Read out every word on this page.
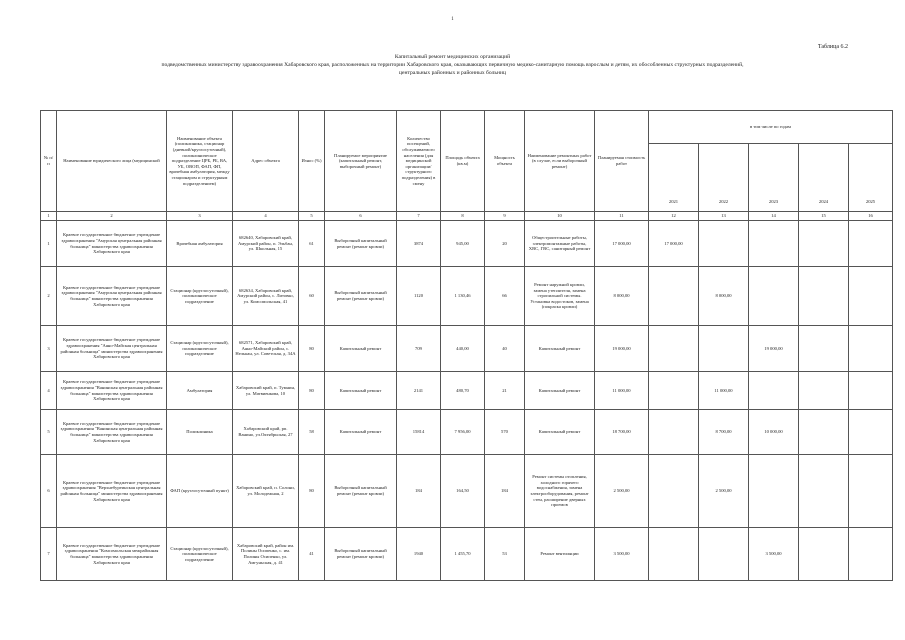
1
Таблица 6.2
Капитальный ремонт медицинских организаций
подведомственных министерству здравоохранения Хабаровского края, расположенных на территории Хабаровского края, оказывающих первичную медико-санитарную помощь взрослым и детям, их обособленных структурных подразделений,
центральных районных и районных больниц
№ п/п	Наименование юридического лица (медицинской	Наименование объекта (поликлиника, стационар (дневной/круглосуточный), поликлиническое подразделение ЦРБ, РБ, ВА, УБ, ОВОП, ФАП, ФП, врачебная амбулатория, между стационаром и структурным подразделением)	Адрес объекта	Износ (%)	Планируемое мероприятие (капитальный ремонт, выборочный ремонт)	Количество посещений, обслуживаемого населения (для медицинской организации/ структурного подразделения) в смену	Площадь объекта (кв.м)	Мощность объекта	Наименование ремонтных работ (в случае, если выборочный ремонт)	Планируемая стоимость работ	в том числе по годам				
											2021	2022	2023	2024	2025
1	2	3	4	5	6	7	8	9	10	11	12	13	14	15	16
1	Краевое государственное бюджетное учреждение здравоохранения "Амурская центральная районная больница" министерства здравоохранения Хабаровского края	Врачебная амбулатория	682640, Хабаровский край, Амурский район, п. Эльбан, ул. Школьная, 15	61	Выборочный капитальный ремонт (ремонт кровли)	3874	945,00	20	Общестроительные работы, электромонтажные работы, ХВС, ГВС, санитарный ремонт	17 000,00	17 000,00				
2	Краевое государственное бюджетное учреждение здравоохранения "Амурская центральная районная больница" министерства здравоохранения Хабаровского края	Стационар (круглосуточный), поликлиническое подразделение	682634, Хабаровский край, Амурский район, с. Литовко, ул. Комсомольская, 41	60	Выборочный капитальный ремонт (ремонт кровли)	1120	1 130,46	66	Ремонт наружной кровли, замена утеплителя, замена стропильной системы. Установка водостоков, замена (покраска кровли)	8 000,00		8 000,00			
3	Краевое государственное бюджетное учреждение здравоохранения "Аяно-Майская центральная районная больница" министерства здравоохранения Хабаровского края	Стационар (круглосуточный), поликлиническое подразделение	682571, Хабаровский край, Аяно-Майский район, с. Нелькан, ул. Советская, д. 34А	80	Капитальный ремонт	709	440,00	40	Капитальный ремонт	19 000,00			19 000,00		
4	Краевое государственное бюджетное учреждение здравоохранения "Ванинская центральная районная больница" министерства здравоохранения Хабаровского края	Амбулатория	Хабаровский край, п. Тумнин, ул. Матвиенкова, 10	80	Капитальный ремонт	2141	480,70	21	Капитальный ремонт	11 000,00		11 000,00			
5	Краевое государственное бюджетное учреждение здравоохранения "Ванинская центральная районная больница" министерства здравоохранения Хабаровского края	Поликлиника	Хабаровский край, рп. Ванино, ул.Октябрьская, 27	58	Капитальный ремонт	15814	7 956,00	570	Капитальный ремонт	18 700,00		8 700,00	10 000,00		
6	Краевое государственное бюджетное учреждение здравоохранения "Верхнебуреинская центральная районная больница" министерства здравоохранения Хабаровского края	ФАП (круглосуточный пункт)	Хабаровский край, п. Солони, ул. Молодежная, 2	80	Выборочный капитальный ремонт (ремонт кровли)	184	164,50	184	Ремонт системы отопления, холодного горячего водоснабжения, замена электрооборудования, ремонт стен, расширение дверных проемов	2 500,00		2 500,00			
7	Краевое государственное бюджетное учреждение здравоохранения "Комсомольская межрайонная больница" министерства здравоохранения Хабаровского края	Стационар (круглосуточный), поликлиническое подразделение	Хабаровский край, район им. Полины Осипенко, с. им. Полины Осипенко, ул. Амгуньская, д. 41	41	Выборочный капитальный ремонт (ремонт кровли)	1940	1 455,70	53	Ремонт вентиляции	3 500,00			3 500,00		
